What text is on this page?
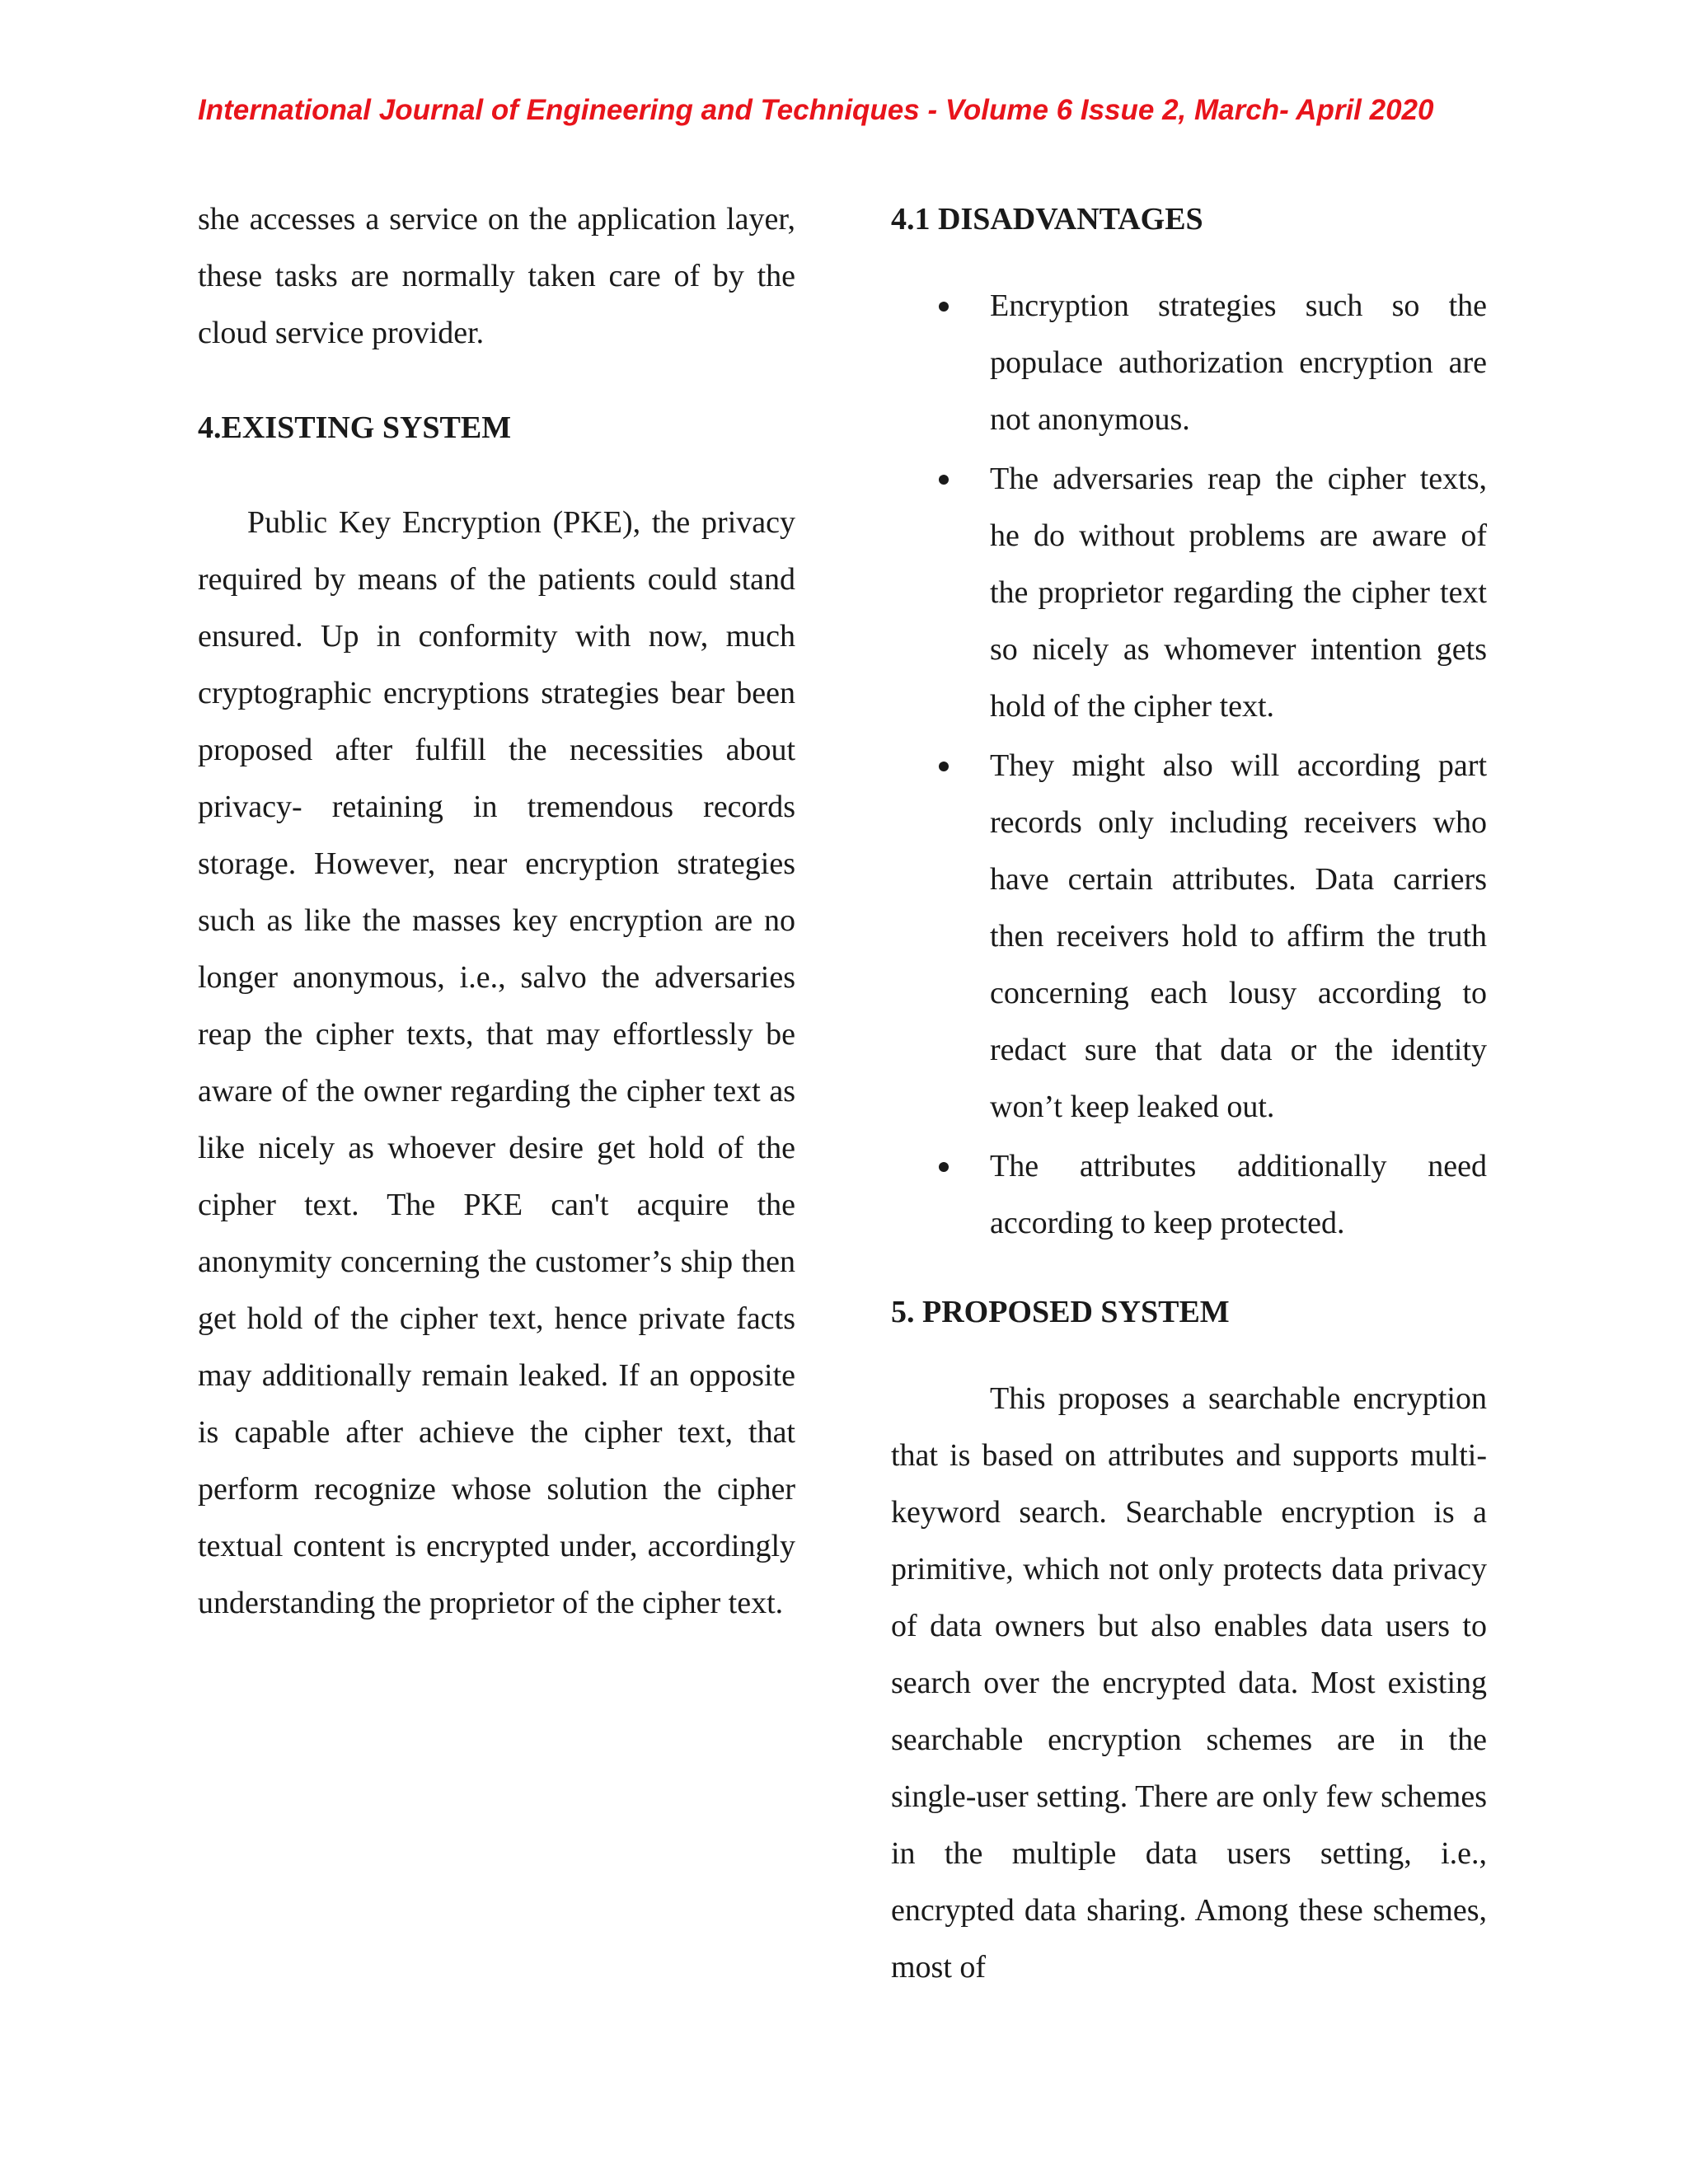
International Journal of Engineering and Techniques - Volume 6 Issue 2, March- April 2020

she accesses a service on the application layer, these tasks are normally taken care of by the cloud service provider.

4.EXISTING SYSTEM

Public Key Encryption (PKE), the privacy required by means of the patients could stand ensured. Up in conformity with now, much cryptographic encryptions strategies bear been proposed after fulfill the necessities about privacy- retaining in tremendous records storage. However, near encryption strategies such as like the masses key encryption are no longer anonymous, i.e., salvo the adversaries reap the cipher texts, that may effortlessly be aware of the owner regarding the cipher text as like nicely as whoever desire get hold of the cipher text. The PKE can't acquire the anonymity concerning the customer’s ship then get hold of the cipher text, hence private facts may additionally remain leaked. If an opposite is capable after achieve the cipher text, that perform recognize whose solution the cipher textual content is encrypted under, accordingly understanding the proprietor of the cipher text.

4.1 DISADVANTAGES
Encryption strategies such so the populace authorization encryption are not anonymous.
The adversaries reap the cipher texts, he do without problems are aware of the proprietor regarding the cipher text so nicely as whomever intention gets hold of the cipher text.
They might also will according part records only including receivers who have certain attributes. Data carriers then receivers hold to affirm the truth concerning each lousy according to redact sure that data or the identity won’t keep leaked out.
The attributes additionally need according to keep protected.
5. PROPOSED SYSTEM

This proposes a searchable encryption that is based on attributes and supports multi-keyword search. Searchable encryption is a primitive, which not only protects data privacy of data owners but also enables data users to search over the encrypted data. Most existing searchable encryption schemes are in the single-user setting. There are only few schemes in the multiple data users setting, i.e., encrypted data sharing. Among these schemes, most of
